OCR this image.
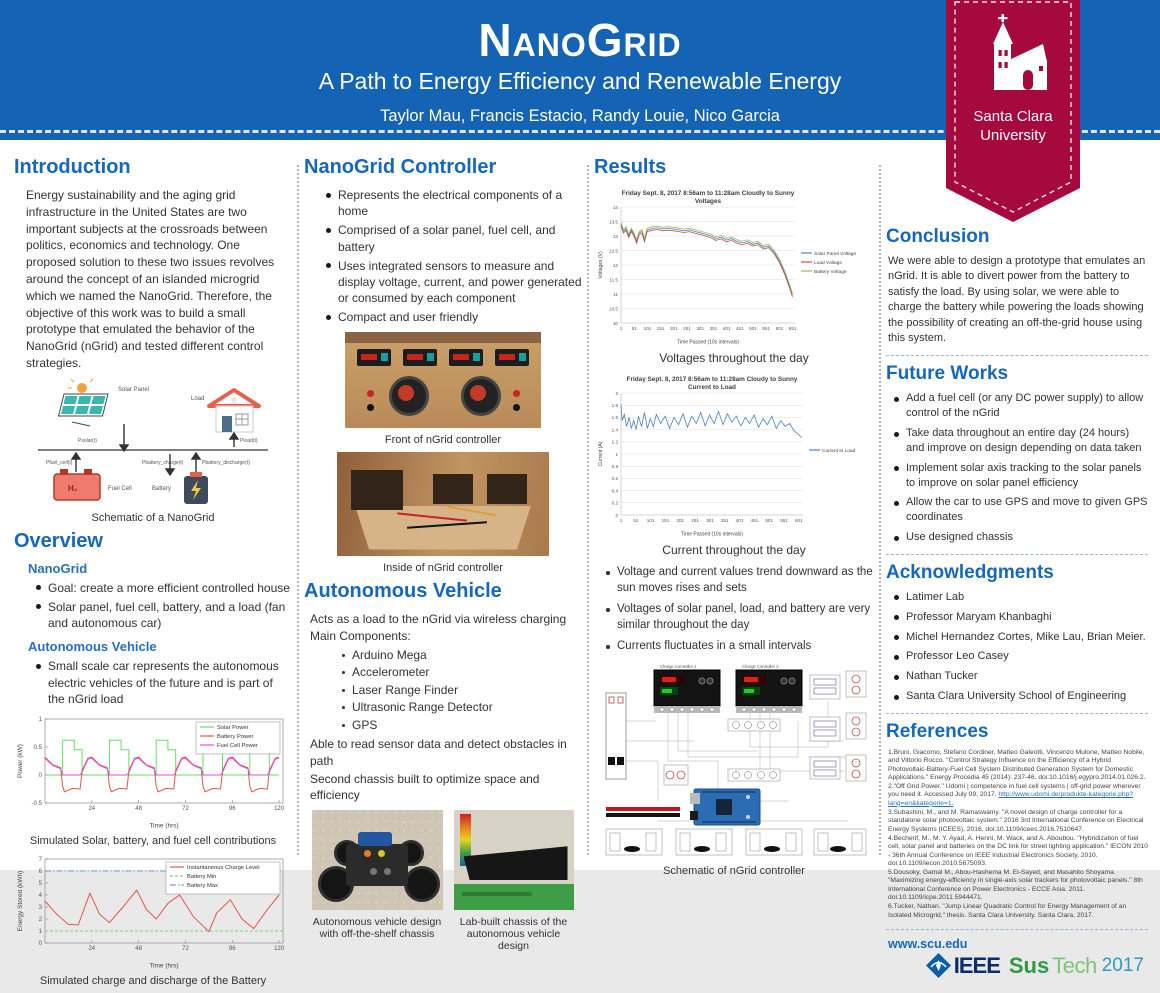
NanoGrid
A Path to Energy Efficiency and Renewable Energy
Taylor Mau, Francis Estacio, Randy Louie, Nico Garcia
Introduction

Energy sustainability and the aging grid infrastructure in the United States are two important subjects at the crossroads between politics, economics and technology. One proposed solution to these two issues revolves around the concept of an islanded microgrid which we named the NanoGrid. Therefore, the objective of this work was to build a small prototype that emulated the behavior of the NanoGrid (nGrid) and tested different control strategies.

Solar Panel
Load
Psolar(t)	Pload(t)
Pfuel_cell(t)	Pbattery_charge(t)	Pbattery_discharge(t)
H₂	Fuel Cell	Battery
Schematic of a NanoGrid
Overview
NanoGrid
Goal: create a more efficient controlled house
Solar panel, fuel cell, battery, and a load (fan and autonomous car)
Autonomous Vehicle
Small scale car represents the autonomous electric vehicles of the future and is part of the nGrid load
-0.5
0
0.5
1
24	48	72	96	120
Power (kW)
Time (hrs)
Solar Power
Battery Power
Fuel Cell Power
Simulated Solar, battery, and fuel cell contributions
0
1
2
3
4
5
6
7
24	48	72	96	120
Energy Stored (kWh)
Time (hrs)
Instantaneous Charge Level
Battery Min
Battery Max
Simulated charge and discharge of the Battery
NanoGrid Controller
Represents the electrical components of a home
Comprised of a solar panel, fuel cell, and battery
Uses integrated sensors to measure and display voltage, current, and power generated or consumed by each component
Compact and user friendly
Front of nGrid controller
Inside of nGrid controller
Autonomous Vehicle

Acts as a load to the nGrid via wireless charging

Main Components:

Arduino Mega
Accelerometer
Laser Range Finder
Ultrasonic Range Detector
GPS

Able to read sensor data and detect obstacles in path

Second chassis built to optimize space and efficiency

Autonomous vehicle design with off-the-shelf chassis
Lab-built chassis of the autonomous vehicle design
Results
10
10.5
11
11.5
12
12.5
13
13.5
14
1 51 101 151 201 251 301 351 401 451 501 551 601 651
Friday Sept. 8, 2017 8:56am to 11:28am Cloudly to Sunny
Voltages
Voltages (V)
Time Passed (10s intervals)
Solar Panel Voltage
Load Voltage
Battery Voltage
Voltages throughout the day
0
0.2
0.4
0.6
0.8
1
1.2
1.4
1.6
1.8
2
1 51 101 151 201 251 301 351 401 451 501 551 601
Friday Sept. 8, 2017 8:56am to 11:28am Cloudy to Sunny
Current to Load
Current (A)
Time Passed (10s intervals)
Current to Load
Current throughout the day
Voltage and current values trend downward as the sun moves rises and sets
Voltages of solar panel, load, and battery are very similar throughout the day
Currents fluctuates in a small intervals
Charge Controller 1	Charge Controller 2
Schematic of nGrid controller
Conclusion

We were able to design a prototype that emulates an nGrid. It is able to divert power from the battery to satisfy the load. By using solar, we were able to charge the battery while powering the loads showing the possibility of creating an off-the-grid house using this system.

Future Works
Add a fuel cell (or any DC power supply) to allow control of the nGrid
Take data throughout an entire day (24 hours) and improve on design depending on data taken
Implement solar axis tracking to the solar panels to improve on solar panel efficiency
Allow the car to use GPS and move to given GPS coordinates
Use designed chassis
Acknowledgments
Latimer Lab
Professor Maryam Khanbaghi
Michel Hernandez Cortes, Mike Lau, Brian Meier.
Professor Leo Casey
Nathan Tucker
Santa Clara University School of Engineering
References

1.Bruni, Giacomo, Stefano Cordiner, Matteo Galeotti, Vincenzo Mulone, Matteo Nobile, and Vittorio Rocco. "Control Strategy Influence on the Efficiency of a Hybrid Photovoltaic-Battery-Fuel Cell System Distributed Generation System for Domestic Applications." Energy Procedia 45 (2014): 237-46. doi:10.1016/j.egypro.2014.01.026.2.

2."Off Grid Power." Udomi | competence in fuel cell systems | off-grid power wherever you need it. Accessed July 09, 2017. http://www.udomi.de/produkte-kategorie.php?lang=en&kategorie=1.

3.Subashini, M., and M. Ramaswamy. "A novel design of charge controller for a standalone solar photovoltaic system." 2016 3rd International Conference on Electrical Energy Systems (ICEES), 2016. doi:10.1109/icees.2016.7510647.

4.Becherif, M., M. Y. Ayad, A. Henni, M. Wack, and A. Aboubou. "Hybridization of fuel cell, solar panel and batteries on the DC link for street lighting application." IECON 2010 - 36th Annual Conference on IEEE Industrial Electronics Society, 2010. doi:10.1109/iecon.2010.5675093.

5.Dousoky, Gamal M., Abou-Hashema M. El-Sayed, and Masahito Shoyama. "Maximizing energy-efficiency in single-axis solar trackers for photovoltaic panels." 8th International Conference on Power Electronics - ECCE Asia. 2011. doi:10.1109/icpe.2011.5944471.

6.Tucker, Nathan. "Jump Linear Quadratic Control for Energy Management of an Isolated Microgrid," thesis. Santa Clara University. Santa Clara, 2017.

www.scu.edu
IEEE Sus Tech 2017
Santa Clara
University
